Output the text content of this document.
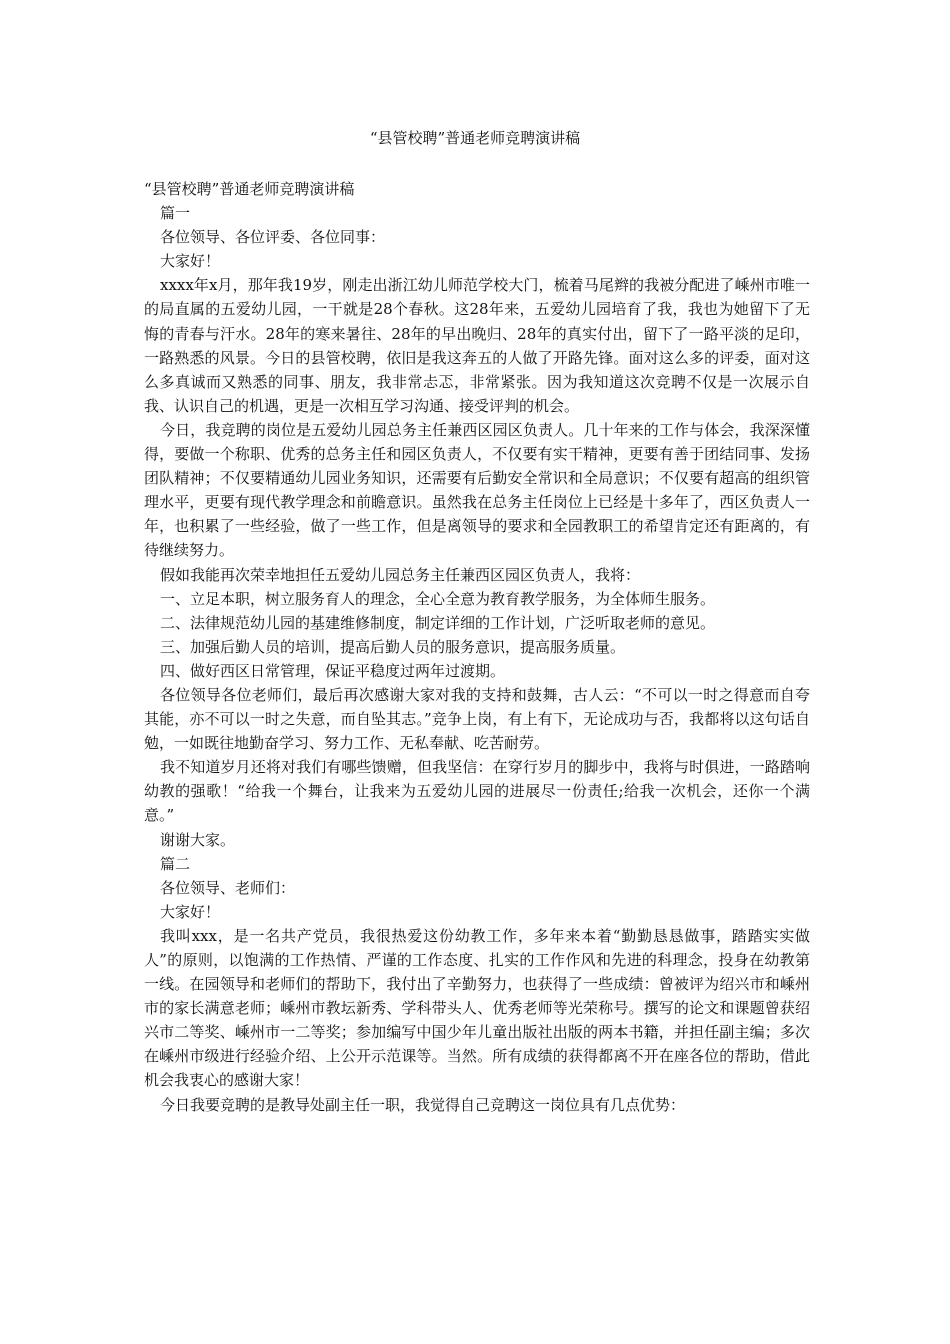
“县管校聘”普通老师竞聘演讲稿

“县管校聘”普通老师竞聘演讲稿

篇一

各位领导、各位评委、各位同事：

大家好！

xxxx年x月，那年我19岁，刚走出浙江幼儿师范学校大门，梳着马尾辫的我被分配进了嵊州市唯一的局直属的五爱幼儿园，一干就是28个春秋。这28年来，五爱幼儿园培育了我，我也为她留下了无悔的青春与汗水。28年的寒来暑往、28年的早出晚归、28年的真实付出，留下了一路平淡的足印，一路熟悉的风景。今日的县管校聘，依旧是我这奔五的人做了开路先锋。面对这么多的评委，面对这么多真诚而又熟悉的同事、朋友，我非常忐忑，非常紧张。因为我知道这次竞聘不仅是一次展示自我、认识自己的机遇，更是一次相互学习沟通、接受评判的机会。

今日，我竞聘的岗位是五爱幼儿园总务主任兼西区园区负责人。几十年来的工作与体会，我深深懂得，要做一个称职、优秀的总务主任和园区负责人，不仅要有实干精神，更要有善于团结同事、发扬团队精神；不仅要精通幼儿园业务知识，还需要有后勤安全常识和全局意识；不仅要有超高的组织管理水平，更要有现代教学理念和前瞻意识。虽然我在总务主任岗位上已经是十多年了，西区负责人一年，也积累了一些经验，做了一些工作，但是离领导的要求和全园教职工的希望肯定还有距离的，有待继续努力。

假如我能再次荣幸地担任五爱幼儿园总务主任兼西区园区负责人，我将：

一、立足本职，树立服务育人的理念，全心全意为教育教学服务，为全体师生服务。

二、法律规范幼儿园的基建维修制度，制定详细的工作计划，广泛听取老师的意见。

三、加强后勤人员的培训，提高后勤人员的服务意识，提高服务质量。

四、做好西区日常管理，保证平稳度过两年过渡期。

各位领导各位老师们，最后再次感谢大家对我的支持和鼓舞，古人云：“不可以一时之得意而自夸其能，亦不可以一时之失意，而自坠其志。”竞争上岗，有上有下，无论成功与否，我都将以这句话自勉，一如既往地勤奋学习、努力工作、无私奉献、吃苦耐劳。

我不知道岁月还将对我们有哪些馈赠，但我坚信：在穿行岁月的脚步中，我将与时俱进，一路踏响幼教的强歌！“给我一个舞台，让我来为五爱幼儿园的进展尽一份责任;给我一次机会，还你一个满意。”

谢谢大家。

篇二

各位领导、老师们：

大家好！

我叫xxx，是一名共产党员，我很热爱这份幼教工作，多年来本着“勤勤恳恳做事，踏踏实实做人”的原则，以饱满的工作热情、严谨的工作态度、扎实的工作作风和先进的科理念，投身在幼教第一线。在园领导和老师们的帮助下，我付出了辛勤努力，也获得了一些成绩：曾被评为绍兴市和嵊州市的家长满意老师；嵊州市教坛新秀、学科带头人、优秀老师等光荣称号。撰写的论文和课题曾获绍兴市二等奖、嵊州市一二等奖；参加编写中国少年儿童出版社出版的两本书籍，并担任副主编；多次在嵊州市级进行经验介绍、上公开示范课等。当然。所有成绩的获得都离不开在座各位的帮助，借此机会我衷心的感谢大家！

今日我要竞聘的是教导处副主任一职，我觉得自己竞聘这一岗位具有几点优势：
